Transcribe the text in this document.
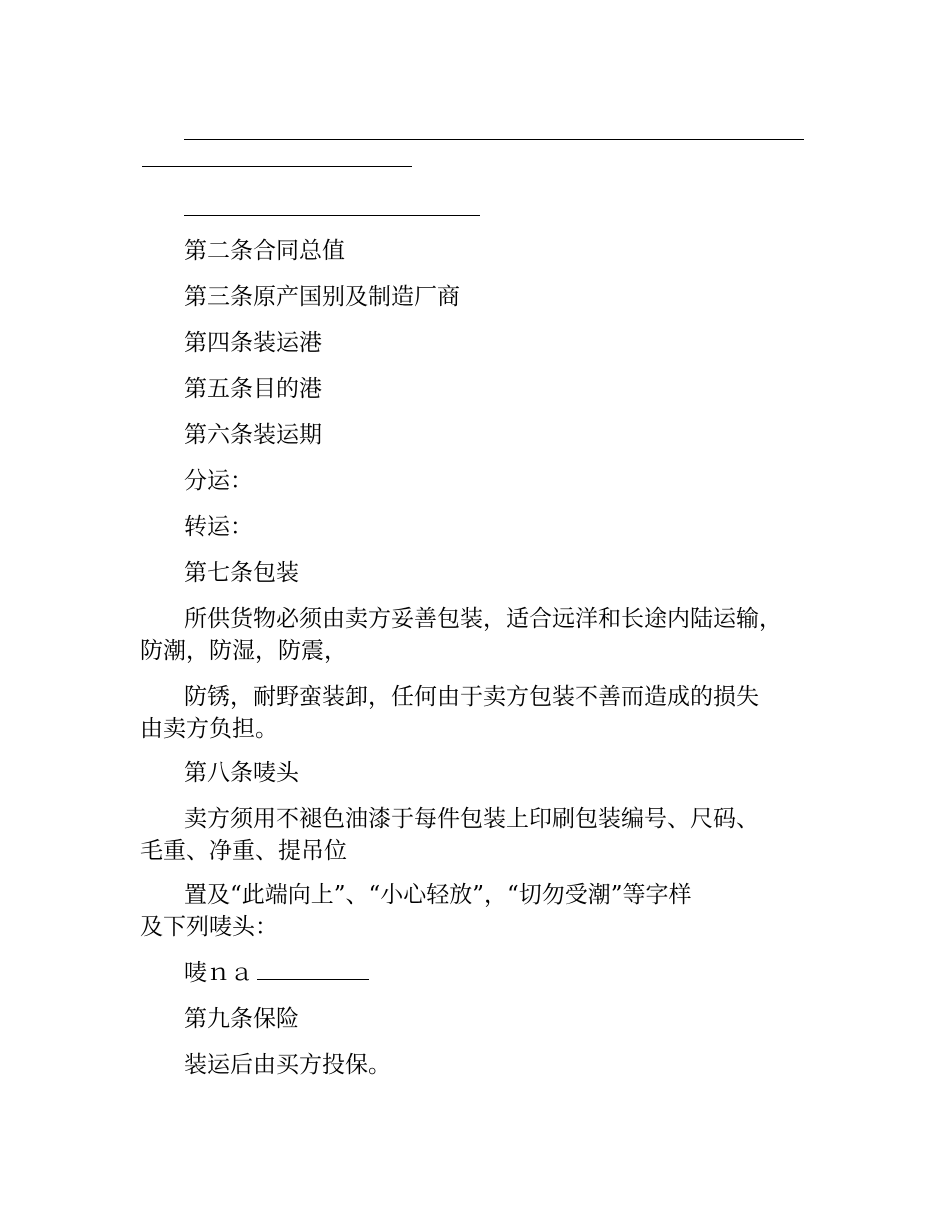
第二条合同总值
第三条原产国别及制造厂商
第四条装运港
第五条目的港
第六条装运期
分运：
转运：
第七条包装
所供货物必须由卖方妥善包装，适合远洋和长途内陆运输，
防潮，防湿，防震，
防锈，耐野蛮装卸，任何由于卖方包装不善而造成的损失
由卖方负担。
第八条唛头
卖方须用不褪色油漆于每件包装上印刷包装编号、尺码、
毛重、净重、提吊位
置及“此端向上”、“小心轻放”，“切勿受潮”等字样
及下列唛头：
唛ｎａ
第九条保险
装运后由买方投保。
